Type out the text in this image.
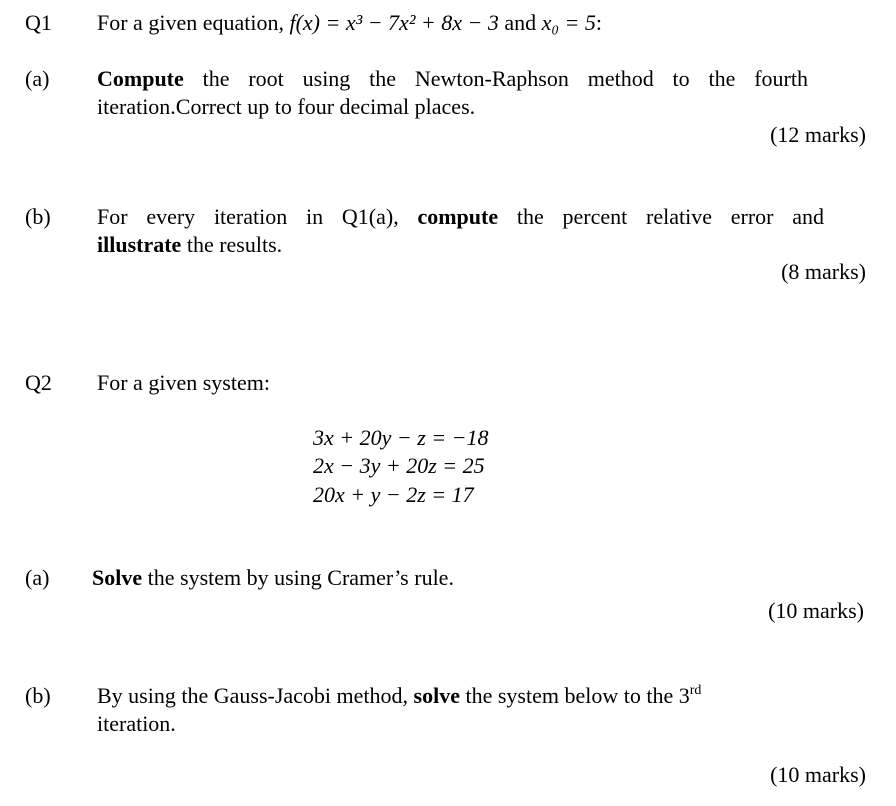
Q1 For a given equation, f(x) = x³ − 7x² + 8x − 3 and x₀ = 5:
(a) Compute the root using the Newton-Raphson method to the fourth
iteration.Correct up to four decimal places.
(12 marks)
(b) For every iteration in Q1(a), compute the percent relative error and
illustrate the results.
(8 marks)
Q2 For a given system:
3x + 20y − z = −18
2x − 3y + 20z = 25
20x + y − 2z = 17
(a) Solve the system by using Cramer’s rule.
(10 marks)
(b) By using the Gauss-Jacobi method, solve the system below to the 3rd
iteration.
(10 marks)
